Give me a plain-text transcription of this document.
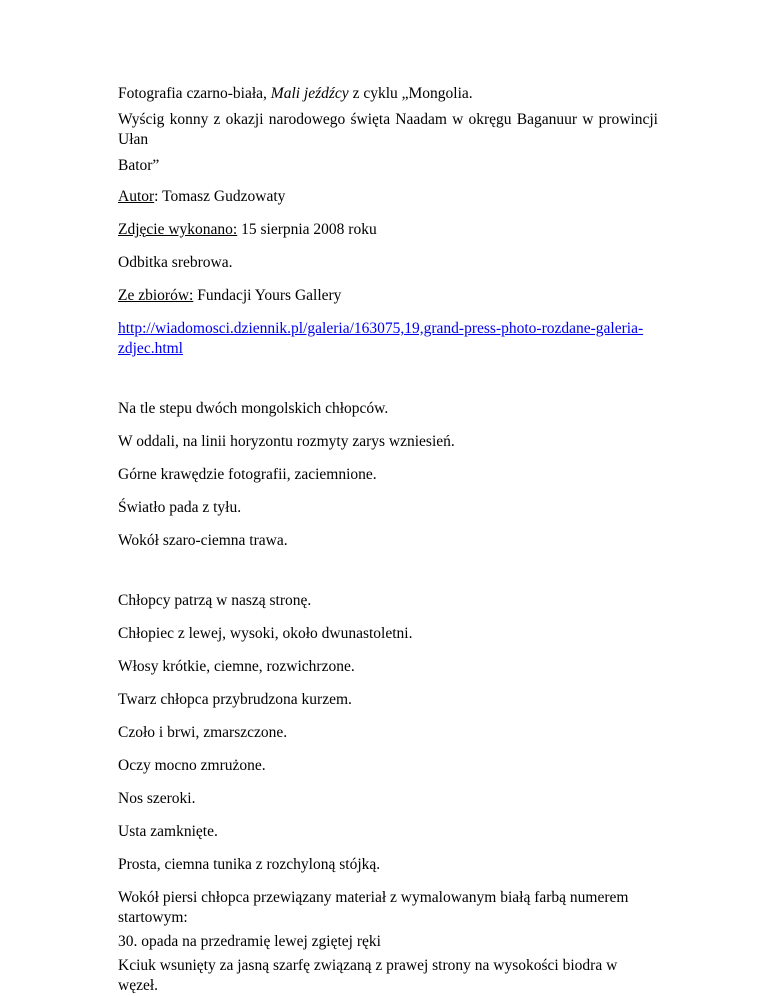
Fotografia czarno-biała, Mali jeźdźcy z cyklu „Mongolia.

Wyścig konny z okazji narodowego święta Naadam w okręgu Baganuur w prowincji Ułan

Bator”

Autor: Tomasz Gudzowaty

Zdjęcie wykonano: 15 sierpnia 2008 roku

Odbitka srebrowa.

Ze zbiorów: Fundacji Yours Gallery

http://wiadomosci.dziennik.pl/galeria/163075,19,grand-press-photo-rozdane-galeria-
zdjec.html

Na tle stepu dwóch mongolskich chłopców.

W oddali, na linii horyzontu rozmyty zarys wzniesień.

Górne krawędzie fotografii, zaciemnione.

Światło pada z tyłu.

Wokół szaro-ciemna trawa.

Chłopcy patrzą w naszą stronę.

Chłopiec z lewej, wysoki, około dwunastoletni.

Włosy krótkie, ciemne, rozwichrzone.

Twarz chłopca przybrudzona kurzem.

Czoło i brwi, zmarszczone.

Oczy mocno zmrużone.

Nos szeroki.

Usta zamknięte.

Prosta, ciemna tunika z rozchyloną stójką.

Wokół piersi chłopca przewiązany materiał z wymalowanym białą farbą numerem startowym:

30. opada na przedramię lewej zgiętej ręki

Kciuk wsunięty za jasną szarfę związaną z prawej strony na wysokości biodra w węzeł.
